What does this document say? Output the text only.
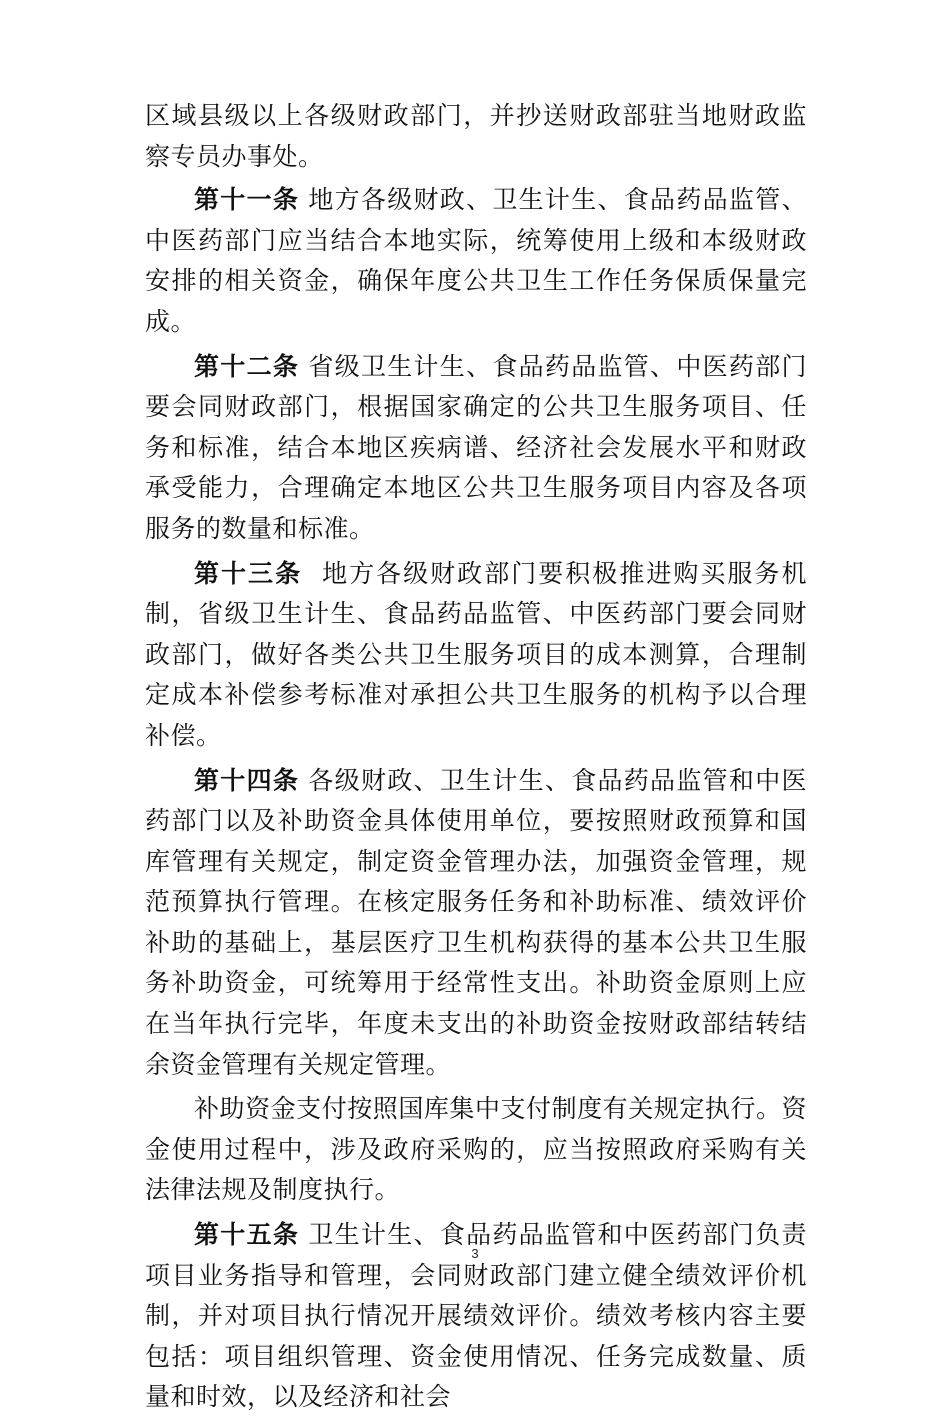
区域县级以上各级财政部门，并抄送财政部驻当地财政监察专员办事处。

第十一条 地方各级财政、卫生计生、食品药品监管、中医药部门应当结合本地实际，统筹使用上级和本级财政安排的相关资金，确保年度公共卫生工作任务保质保量完成。

第十二条 省级卫生计生、食品药品监管、中医药部门要会同财政部门，根据国家确定的公共卫生服务项目、任务和标准，结合本地区疾病谱、经济社会发展水平和财政承受能力，合理确定本地区公共卫生服务项目内容及各项服务的数量和标准。

第十三条 地方各级财政部门要积极推进购买服务机制，省级卫生计生、食品药品监管、中医药部门要会同财政部门，做好各类公共卫生服务项目的成本测算，合理制定成本补偿参考标准对承担公共卫生服务的机构予以合理补偿。

第十四条 各级财政、卫生计生、食品药品监管和中医药部门以及补助资金具体使用单位，要按照财政预算和国库管理有关规定，制定资金管理办法，加强资金管理，规范预算执行管理。在核定服务任务和补助标准、绩效评价补助的基础上，基层医疗卫生机构获得的基本公共卫生服务补助资金，可统筹用于经常性支出。补助资金原则上应在当年执行完毕，年度未支出的补助资金按财政部结转结余资金管理有关规定管理。

补助资金支付按照国库集中支付制度有关规定执行。资金使用过程中，涉及政府采购的，应当按照政府采购有关法律法规及制度执行。

第十五条 卫生计生、食品药品监管和中医药部门负责项目业务指导和管理，会同财政部门建立健全绩效评价机制，并对项目执行情况开展绩效评价。绩效考核内容主要包括：项目组织管理、资金使用情况、任务完成数量、质量和时效，以及经济和社会

3
